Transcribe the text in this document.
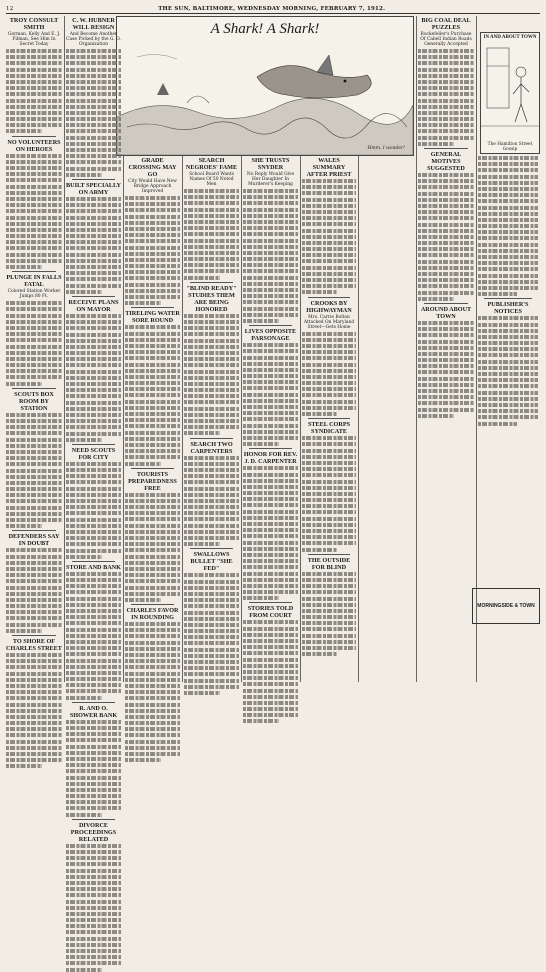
12	THE SUN, BALTIMORE, WEDNESDAY MORNING, FEBRUARY 7, 1912.
A Shark! A Shark!
Hmm, I wonder!
IN AND ABOUT TOWN
The Hamilton Street Gossip
TROY CONSULT SMITH
Gorman, Kelly And E. J. Filman, See Him In Secret Today
NO VOLUNTEERS ON HEROES
PLUNGE IN FALLS FATAL
Colored Station Worker Jumps 80 Ft.
SCOUTS BOX ROOM BY STATION
DEFENDERS SAY IN DOUBT
TO SHORE OF CHARLES STREET
C. W. HUBNER WILL RESIGN
And Become Another Case Picked by the G. O. Organization
BUILT SPECIALLY ON ARMY
RECEIVE PLANS ON MAYOR
NEED SCOUTS FOR CITY
STORE AND BANK
R. AND O. SHOWER BANK
DIVORCE PROCEEDINGS RELATED
GRADE CROSSING MAY GO
City Would Have New Bridge Approach Improved
TIRELING WATER SORE ROUND
TOURISTS PREPAREDNESS FREE
CHARLES FAVOR IN ROUNDING
SEARCH NEGROES' FAME
School Board Wants Names Of 50 Noted Men
"BLIND READY" STUDIES THEM ARE BEING HONORED
SEARCH TWO CARPENTERS
SWALLOWS BULLET "SHE FED"
SHE TRUSTS SNYDER
No Reply Would Give Her Daughter In Murderer's Keeping
LIVES OPPOSITE PARSONAGE
HONOR FOR REV. J. D. CARPENTER
STORIES TOLD FROM COURT
WALES SUMMARY AFTER PRIEST
CROOKS BY HIGHWAYMAN
Mrs. Carrie Bolton Attacked On Maryland Street—Gets Home
STEEL CORPS SYNDICATE
THE OUTSIDE FOR BLIND
BIG COAL DEAL PUZZLES
Rockefeller's Purchase Of Cabell Indian Roads Generally Accepted
GENERAL MOTIVES SUGGESTED
AROUND ABOUT TOWN
PUBLISHER'S NOTICES
MORNINGSIDE & TOWN
